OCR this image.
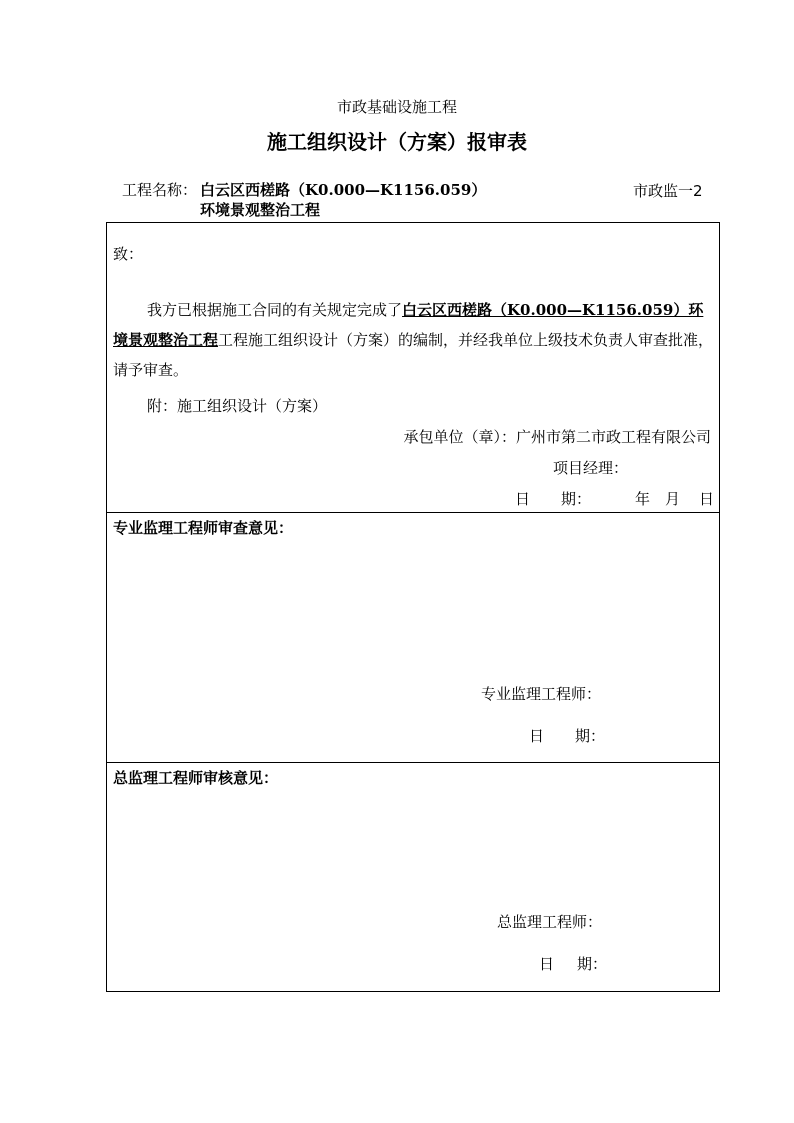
市政基础设施工程
施工组织设计（方案）报审表
工程名称： 白云区西槎路（K0.000—K1156.059）
环境景观整治工程
市政监一2
致：
我方已根据施工合同的有关规定完成了白云区西槎路（K0.000—K1156.059）环境景观整治工程工程施工组织设计（方案）的编制，并经我单位上级技术负责人审查批准，请予审查。
附：施工组织设计（方案）
承包单位（章）：广州市第二市政工程有限公司
项目经理：
日 期：	年 月 日
专业监理工程师审查意见：
专业监理工程师：
日 期：
总监理工程师审核意见：
总监理工程师：
日 期：
